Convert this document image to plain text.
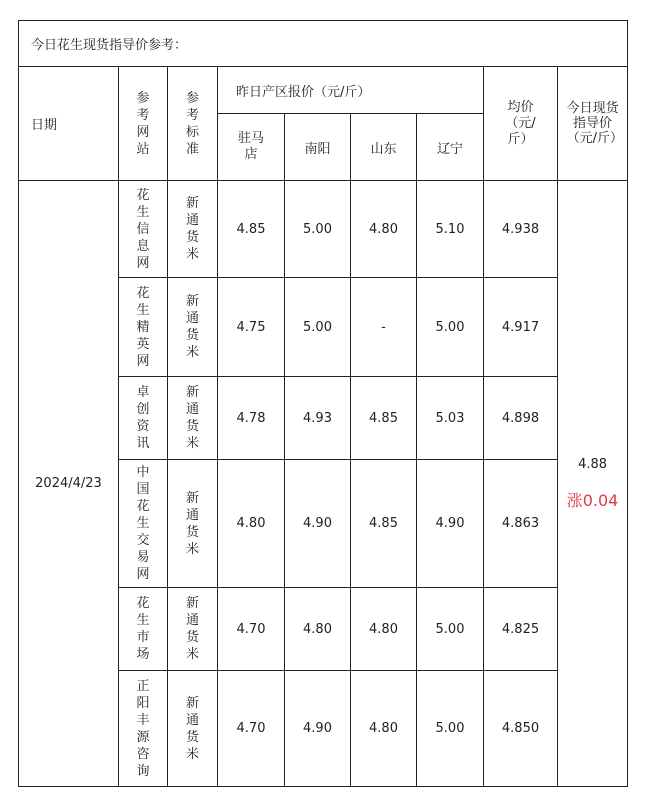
今日花生现货指导价参考：								
日期	参考网站	参考标准	昨日产区报价（元/斤）				均价（元/斤）	今日现货指导价（元/斤）
			驻马店	南阳	山东	辽宁		
2024/4/23	花生信息网	新通货米	4.85	5.00	4.80	5.10	4.938	4.88
涨0.04

	花生精英网	新通货米	4.75	5.00	-	5.00	4.917	
	卓创资讯	新通货米	4.78	4.93	4.85	5.03	4.898	
	中国花生交易网	新通货米	4.80	4.90	4.85	4.90	4.863	
	花生市场	新通货米	4.70	4.80	4.80	5.00	4.825	
	正阳丰源咨询	新通货米	4.70	4.90	4.80	5.00	4.850	
